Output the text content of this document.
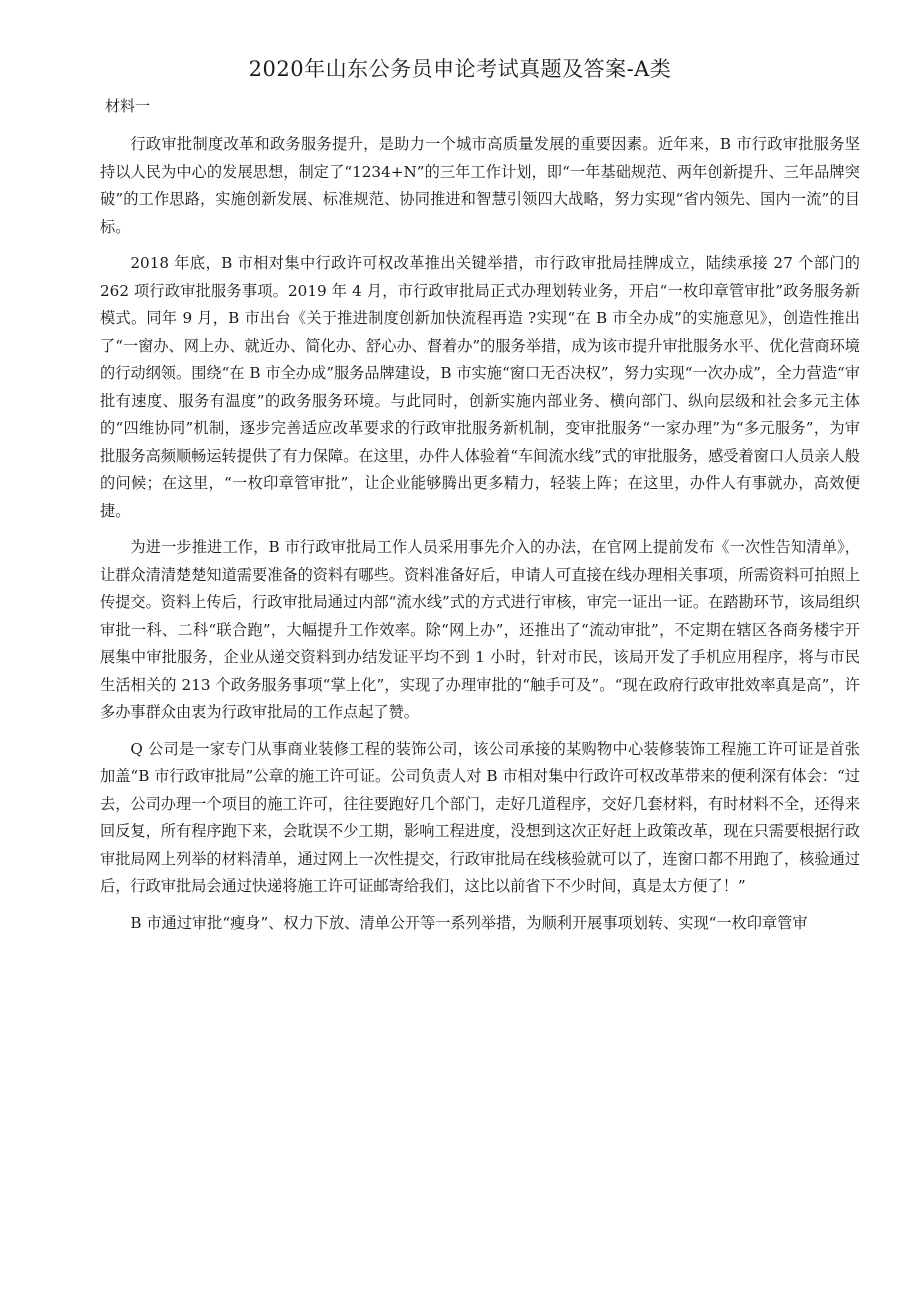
2020年山东公务员申论考试真题及答案-A类
材料一

行政审批制度改革和政务服务提升，是助力一个城市高质量发展的重要因素。近年来，B 市行政审批服务坚持以人民为中心的发展思想，制定了“1234+N”的三年工作计划，即“一年基础规范、两年创新提升、三年品牌突破”的工作思路，实施创新发展、标准规范、协同推进和智慧引领四大战略，努力实现“省内领先、国内一流”的目标。

2018 年底，B 市相对集中行政许可权改革推出关键举措，市行政审批局挂牌成立，陆续承接 27 个部门的 262 项行政审批服务事项。2019 年 4 月，市行政审批局正式办理划转业务，开启“一枚印章管审批”政务服务新模式。同年 9 月，B 市出台《关于推进制度创新加快流程再造 ?实现“在 B 市全办成”的实施意见》，创造性推出了“一窗办、网上办、就近办、简化办、舒心办、督着办”的服务举措，成为该市提升审批服务水平、优化营商环境的行动纲领。围绕“在 B 市全办成”服务品牌建设，B 市实施“窗口无否决权”，努力实现“一次办成”，全力营造“审批有速度、服务有温度”的政务服务环境。与此同时，创新实施内部业务、横向部门、纵向层级和社会多元主体的“四维协同”机制，逐步完善适应改革要求的行政审批服务新机制，变审批服务“一家办理”为“多元服务”，为审批服务高频顺畅运转提供了有力保障。在这里，办件人体验着“车间流水线”式的审批服务，感受着窗口人员亲人般的问候；在这里，“一枚印章管审批”，让企业能够腾出更多精力，轻装上阵；在这里，办件人有事就办，高效便捷。

为进一步推进工作，B 市行政审批局工作人员采用事先介入的办法，在官网上提前发布《一次性告知清单》，让群众清清楚楚知道需要准备的资料有哪些。资料准备好后，申请人可直接在线办理相关事项，所需资料可拍照上传提交。资料上传后，行政审批局通过内部“流水线”式的方式进行审核，审完一证出一证。在踏勘环节，该局组织审批一科、二科“联合跑”，大幅提升工作效率。除“网上办”，还推出了“流动审批”，不定期在辖区各商务楼宇开展集中审批服务，企业从递交资料到办结发证平均不到 1 小时，针对市民，该局开发了手机应用程序，将与市民生活相关的 213 个政务服务事项“掌上化”，实现了办理审批的“触手可及”。“现在政府行政审批效率真是高”，许多办事群众由衷为行政审批局的工作点起了赞。

Q 公司是一家专门从事商业装修工程的装饰公司，该公司承接的某购物中心装修装饰工程施工许可证是首张加盖“B 市行政审批局”公章的施工许可证。公司负责人对 B 市相对集中行政许可权改革带来的便利深有体会：“过去，公司办理一个项目的施工许可，往往要跑好几个部门，走好几道程序，交好几套材料，有时材料不全，还得来回反复，所有程序跑下来，会耽误不少工期，影响工程进度，没想到这次正好赶上政策改革，现在只需要根据行政审批局网上列举的材料清单，通过网上一次性提交，行政审批局在线核验就可以了，连窗口都不用跑了，核验通过后，行政审批局会通过快递将施工许可证邮寄给我们，这比以前省下不少时间，真是太方便了！”

B 市通过审批“瘦身”、权力下放、清单公开等一系列举措，为顺利开展事项划转、实现“一枚印章管审
